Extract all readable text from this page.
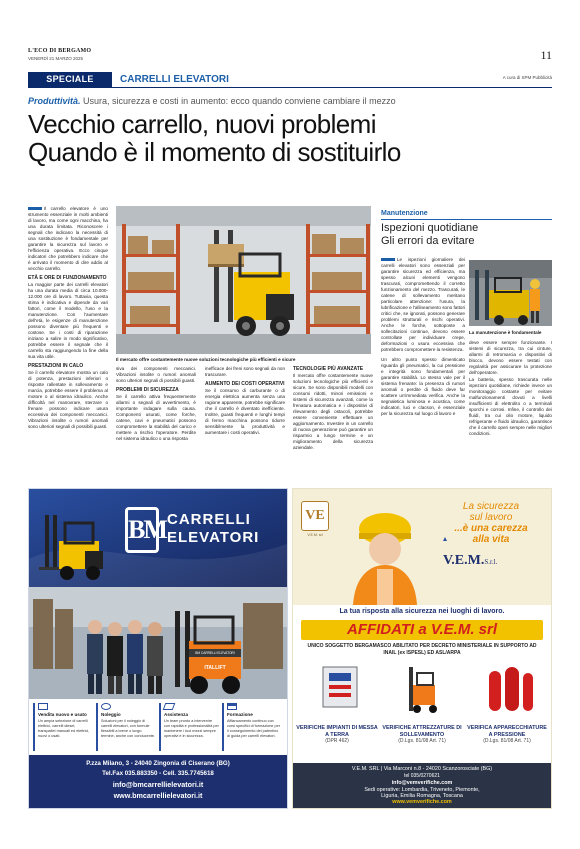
L'ECO DI BERGAMO
VENERDÌ 21 MARZO 2025	11
SPECIALE	CARRELLI ELEVATORI	A cura di SPM Pubblicità
Produttività. Usura, sicurezza e costi in aumento: ecco quando conviene cambiare il mezzo
Vecchio carrello, nuovi problemi
Quando è il momento di sostituirlo

Il carrello elevatore è uno strumento essenziale in molti ambienti di lavoro, ma come ogni macchina, ha una durata limitata. Riconoscere i segnali che indicano la necessità di una sostituzione è fondamentale per garantire la sicurezza sul lavoro e l'efficienza operativa. Ecco cinque indicatori che potrebbero indicare che è arrivato il momento di dire addio al vecchio carrello.

ETÀ E ORE DI FUNZIONAMENTO

La maggior parte dei carrelli elevatori ha una durata media di circa 10.000-12.000 ore di lavoro. Tuttavia, questa stima è indicativa e dipende da vari fattori, come il modello, l'uso e la manutenzione. Con l'aumentare dell'età, le esigenze di manutenzione possono diventare più frequenti e costose. Se i costi di riparazione iniziano a salire in modo significativo, potrebbe essere il segnale che il carrello sta raggiungendo la fine della sua vita utile.

PRESTAZIONI IN CALO

Se il carrello elevatore mostra un calo di potenza, prestazioni inferiori o risposte rallentate in sollevamento e marcia, potrebbe essere il problema al motore o al sistema idraulico. Anche difficoltà nel manovrare, sterzare o frenare possono indicare usura eccessiva dei componenti meccanici. Vibrazioni insolite o rumori anomali sono ulteriori segnali di possibili guasti.

Il mercato offre costantemente nuove soluzioni tecnologiche più efficienti e sicure

siva dei componenti meccanici. Vibrazioni insolite o rumori anomali sono ulteriori segnali di possibili guasti.

PROBLEMI DI SICUREZZA

Se il carrello attiva frequentemente allarmi o segnali di avvertimento, è importante indagare sulla causa. Componenti usurati, come forche, catene, cavi e pneumatici possono compromettere la stabilità del carico e mettere a rischio l'operatore. Perdite nel sistema idraulico o una risposta

inefficace dei freni sono segnali da non trascurare.

AUMENTO DEI COSTI OPERATIVI

Se il consumo di carburante o di energia elettrica aumenta senza una ragione apparente, potrebbe significare che il carrello è diventato inefficiente. Inoltre, guasti frequenti e lunghi tempi di fermo macchina possono ridurre sensibilmente la produttività e aumentare i costi operativi.

TECNOLOGIE PIÙ AVANZATE

Il mercato offre costantemente nuove soluzioni tecnologiche più efficienti e sicure. Se sono disponibili modelli con consumi ridotti, minori emissioni e sistemi di sicurezza avanzati, come la frenatura automatica e i dispositivi di rilevamento degli ostacoli, potrebbe essere conveniente effettuare un aggiornamento. Investire in un carrello di nuova generazione può garantire un risparmio a lungo termine e un miglioramento della sicurezza aziendale.

Manutenzione
Ispezioni quotidiane
Gli errori da evitare

Le ispezioni giornaliere dei carrelli elevatori sono essenziali per garantire sicurezza ed efficienza, ma spesso alcuni elementi vengono trascurati, compromettendo il corretto funzionamento del mezzo. Trascurati, le catene di sollevamento meritano particolare attenzione: l'usura, la lubrificazione e l'allineamento sono fattori critici che, se ignorati, possono generare problemi strutturali e rischi operativi. Anche le forche, sottoposte a sollecitazioni continue, devono essere controllate per individuare crepe, deformazioni o usura eccessiva che potrebbero compromettere la resistenza.

La manutenzione è fondamentale

Un altro punto spesso dimenticato riguarda gli pneumatici, la cui pressione e integrità sono fondamentali per garantire stabilità. Lo stesso vale per il sistema frenante: la presenza di rumori anomali o perdite di fluido deve far scattere un'immediata verifica. Anche la segnaletica luminosa e acustica, come indicatori, luci e clacson, è essenziale per la sicurezza sul luogo di lavoro e

deve essere sempre funzionante. I sistemi di sicurezza, tra cui cinture, allarmi di retromarcia e dispositivi di blocco, devono essere testati con regolarità per assicurare la protezione dell'operatore.

La batteria, spesso trascurata nelle ispezioni quotidiane, richiede invece un monitoraggio costante per evitare malfunzionamenti dovuti a livelli insufficienti di elettrolito o a terminali sporchi e corrosi. Infine, il controllo dei fluidi, tra cui olio motore, liquido refrigerante e fluido idraulico, garantisce che il carrello operi sempre nelle migliori condizioni.

BM CARRELLI
ELEVATORI
BM CARRELLI ELEVATORI
ITALLIFT
Vendita nuovo e usato
Un ampia selezione di carrelli elettrici, carrelli diesel, transpallet manuali ed elettrici, nuovi o usati.
Noleggio
Soluzioni per il noleggio di carrelli elevatori, con formule flessibili a breve o lungo termine, anche con conducente.
Assistenza
Un team pronto a intervenire con rapidità e professionalità per mantenere i tuoi mezzi sempre operativi e in sicurezza.
Formazione
Affiancamento continuo con corsi specifici di formazione per il conseguimento del patentino di guida per carrelli elevatori.
P.zza Milano, 3 - 24040 Zingonia di Ciserano (BG)
Tel.Fax 035.883350 - Cell. 335.7745618
info@bmcarrellielevatori.it
www.bmcarrellielevatori.it
VE
V.E.M. srl
La sicurezza
sul lavoro
...è una carezza
alla vita
V.E.M.S.r.l.
La tua risposta alla sicurezza nei luoghi di lavoro.
AFFIDATI a V.E.M. srl
UNICO SOGGETTO BERGAMASCO ABILITATO PER DECRETO MINISTERIALE IN SUPPORTO AD INAIL (ex ISPESL) ED ASL/ARPA
VERIFICHE IMPIANTI DI MESSA A TERRA
(DPR 462)
VERIFICHE ATTREZZATURE DI SOLLEVAMENTO
(D.Lgs. 81/08 Art. 71)
VERIFICA APPARECCHIATURE A PRESSIONE
(D.Lgs. 81/08 Art. 71)
V.E.M. SRL | Via Marconi n.8 - 24020 Scanzorosciate (BG)
tel 035/0270621
info@vemverifiche.com
Sedi operative: Lombardia, Triveneto, Piemonte,
Liguria, Emilia Romagna, Toscana
www.vemverifiche.com
